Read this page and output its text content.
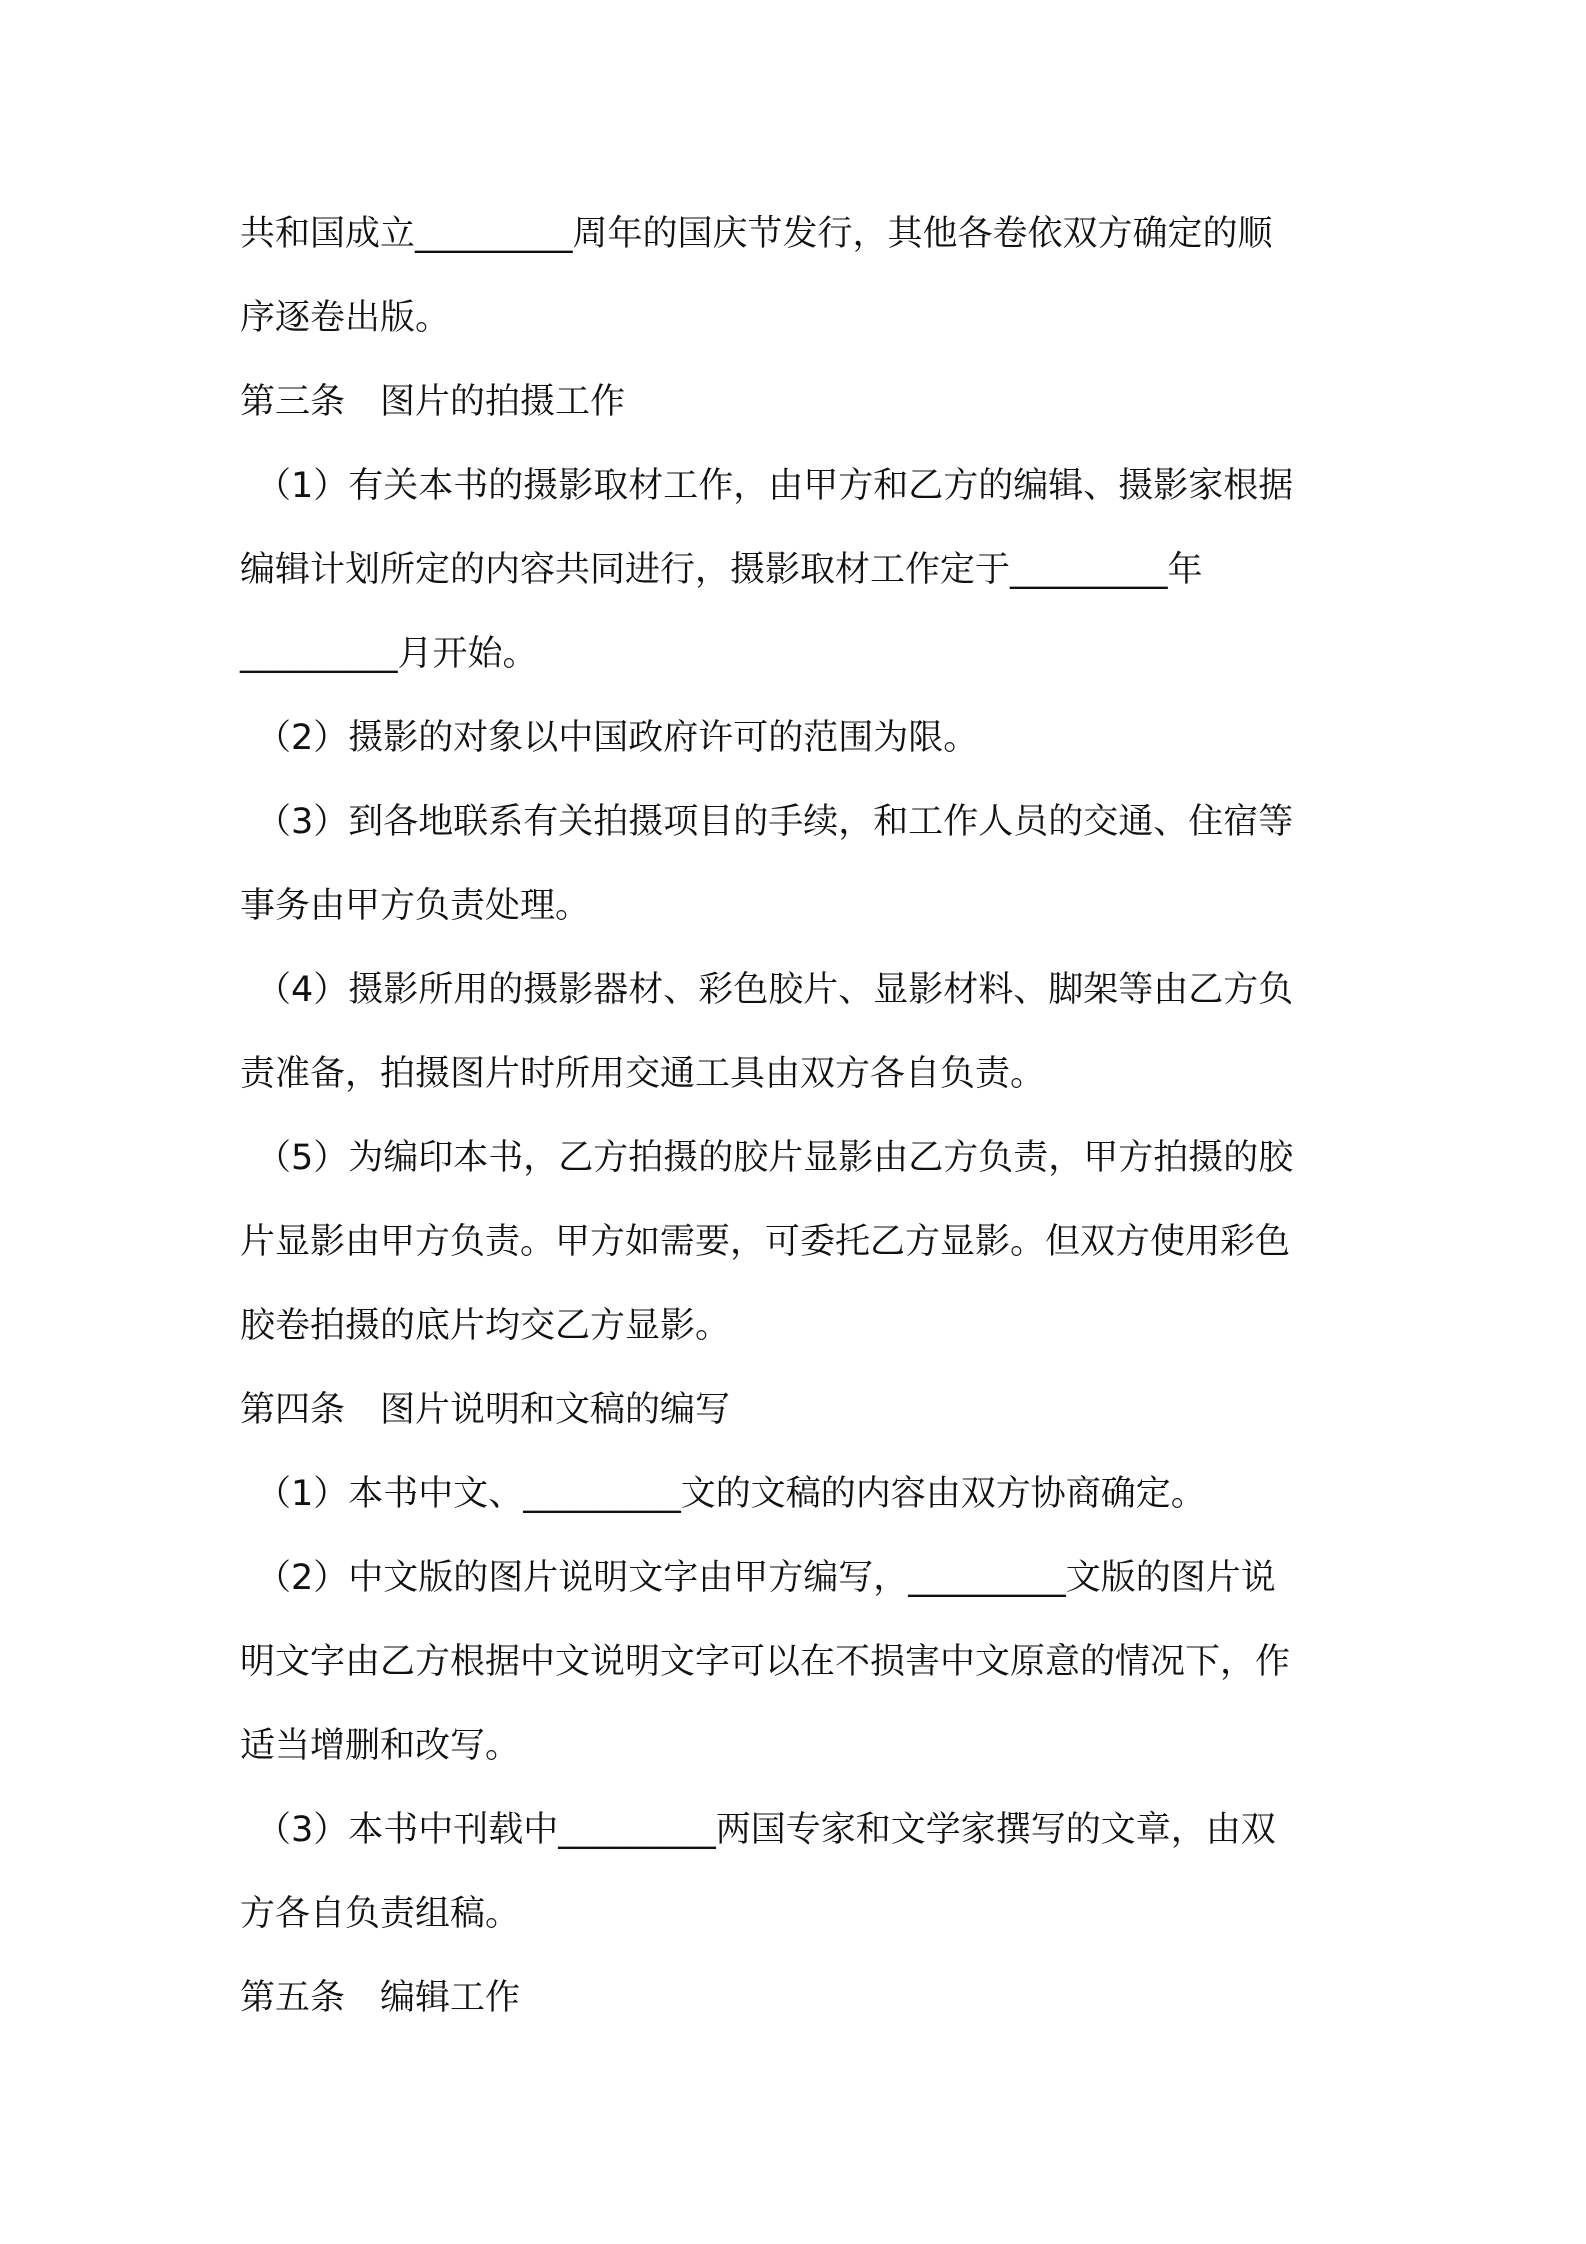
共和国成立_________周年的国庆节发行，其他各卷依双方确定的顺

序逐卷出版。

第三条　图片的拍摄工作

（1）有关本书的摄影取材工作，由甲方和乙方的编辑、摄影家根据

编辑计划所定的内容共同进行，摄影取材工作定于_________年

_________月开始。

（2）摄影的对象以中国政府许可的范围为限。

（3）到各地联系有关拍摄项目的手续，和工作人员的交通、住宿等

事务由甲方负责处理。

（4）摄影所用的摄影器材、彩色胶片、显影材料、脚架等由乙方负

责准备，拍摄图片时所用交通工具由双方各自负责。

（5）为编印本书，乙方拍摄的胶片显影由乙方负责，甲方拍摄的胶

片显影由甲方负责。甲方如需要，可委托乙方显影。但双方使用彩色

胶卷拍摄的底片均交乙方显影。

第四条　图片说明和文稿的编写

（1）本书中文、_________文的文稿的内容由双方协商确定。

（2）中文版的图片说明文字由甲方编写，_________文版的图片说

明文字由乙方根据中文说明文字可以在不损害中文原意的情况下，作

适当增删和改写。

（3）本书中刊载中_________两国专家和文学家撰写的文章，由双

方各自负责组稿。

第五条　编辑工作
